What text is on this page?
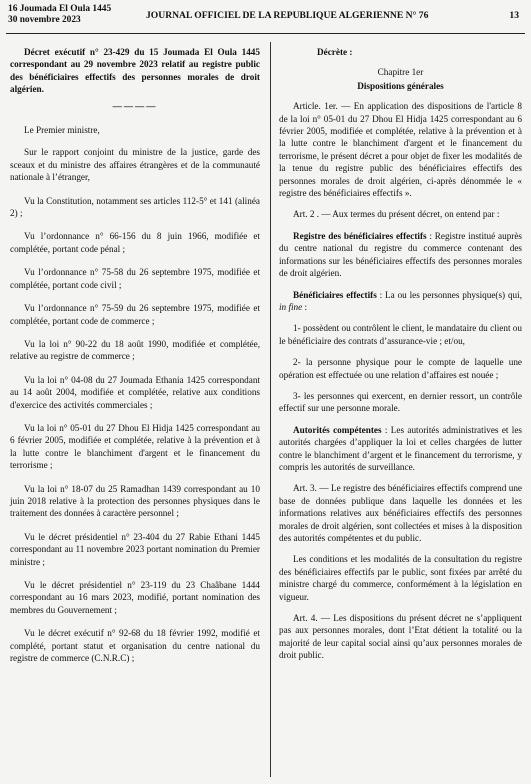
16 Joumada El Oula 1445
30 novembre 2023	JOURNAL OFFICIEL DE LA REPUBLIQUE ALGERIENNE N° 76	13

Décret exécutif n° 23-429 du 15 Joumada El Oula 1445 correspondant au 29 novembre 2023 relatif au registre public des bénéficiaires effectifs des personnes morales de droit algérien.

————

Le Premier ministre,

Sur le rapport conjoint du ministre de la justice, garde des sceaux et du ministre des affaires étrangères et de la communauté nationale à l’étranger,

Vu la Constitution, notamment ses articles 112-5° et 141 (alinéa 2) ;

Vu l’ordonnance n° 66-156 du 8 juin 1966, modifiée et complétée, portant code pénal ;

Vu l’ordonnance n° 75-58 du 26 septembre 1975, modifiée et complétée, portant code civil ;

Vu l’ordonnance n° 75-59 du 26 septembre 1975, modifiée et complétée, portant code de commerce ;

Vu la loi n° 90-22 du 18 août 1990, modifiée et complétée, relative au registre de commerce ;

Vu la loi n° 04-08 du 27 Joumada Ethania 1425 correspondant au 14 août 2004, modifiée et complétée, relative aux conditions d'exercice des activités commerciales ;

Vu la loi n° 05-01 du 27 Dhou El Hidja 1425 correspondant au 6 février 2005, modifiée et complétée, relative à la prévention et à la lutte contre le blanchiment d'argent et le financement du terrorisme ;

Vu la loi n° 18-07 du 25 Ramadhan 1439 correspondant au 10 juin 2018 relative à la protection des personnes physiques dans le traitement des données à caractère personnel ;

Vu le décret présidentiel n° 23-404 du 27 Rabie Ethani 1445 correspondant au 11 novembre 2023 portant nomination du Premier ministre ;

Vu le décret présidentiel n° 23-119 du 23 Chaâbane 1444 correspondant au 16 mars 2023, modifié, portant nomination des membres du Gouvernement ;

Vu le décret exécutif n° 92-68 du 18 février 1992, modifié et complété, portant statut et organisation du centre national du registre de commerce (C.N.R.C) ;

Décrète :

Chapitre 1er

Dispositions générales

Article. 1er. — En application des dispositions de l'article 8 de la loi n° 05-01 du 27 Dhou El Hidja 1425 correspondant au 6 février 2005, modifiée et complétée, relative à la prévention et à la lutte contre le blanchiment d'argent et le financement du terrorisme, le présent décret a pour objet de fixer les modalités de la tenue du registre public des bénéficiaires effectifs des personnes morales de droit algérien, ci-après dénommée le « registre des bénéficiaires effectifs ».

Art. 2 . — Aux termes du présent décret, on entend par :

Registre des bénéficiaires effectifs : Registre institué auprès du centre national du registre du commerce contenant des informations sur les bénéficiaires effectifs des personnes morales de droit algérien.

Bénéficiaires effectifs : La ou les personnes physique(s) qui, in fine :

1- possèdent ou contrôlent le client, le mandataire du client ou le bénéficiaire des contrats d’assurance-vie ; et/ou,

2- la personne physique pour le compte de laquelle une opération est effectuée ou une relation d’affaires est nouée ;

3- les personnes qui exercent, en dernier ressort, un contrôle effectif sur une personne morale.

Autorités compétentes : Les autorités administratives et les autorités chargées d’appliquer la loi et celles chargées de lutter contre le blanchiment d’argent et le financement du terrorisme, y compris les autorités de surveillance.

Art. 3. — Le registre des bénéficiaires effectifs comprend une base de données publique dans laquelle les données et les informations relatives aux bénéficiaires effectifs des personnes morales de droit algérien, sont collectées et mises à la disposition des autorités compétentes et du public.

Les conditions et les modalités de la consultation du registre des bénéficiaires effectifs par le public, sont fixées par arrêté du ministre chargé du commerce, conformément à la législation en vigueur.

Art. 4. — Les dispositions du présent décret ne s’appliquent pas aux personnes morales, dont l’Etat détient la totalité ou la majorité de leur capital social ainsi qu’aux personnes morales de droit public.
